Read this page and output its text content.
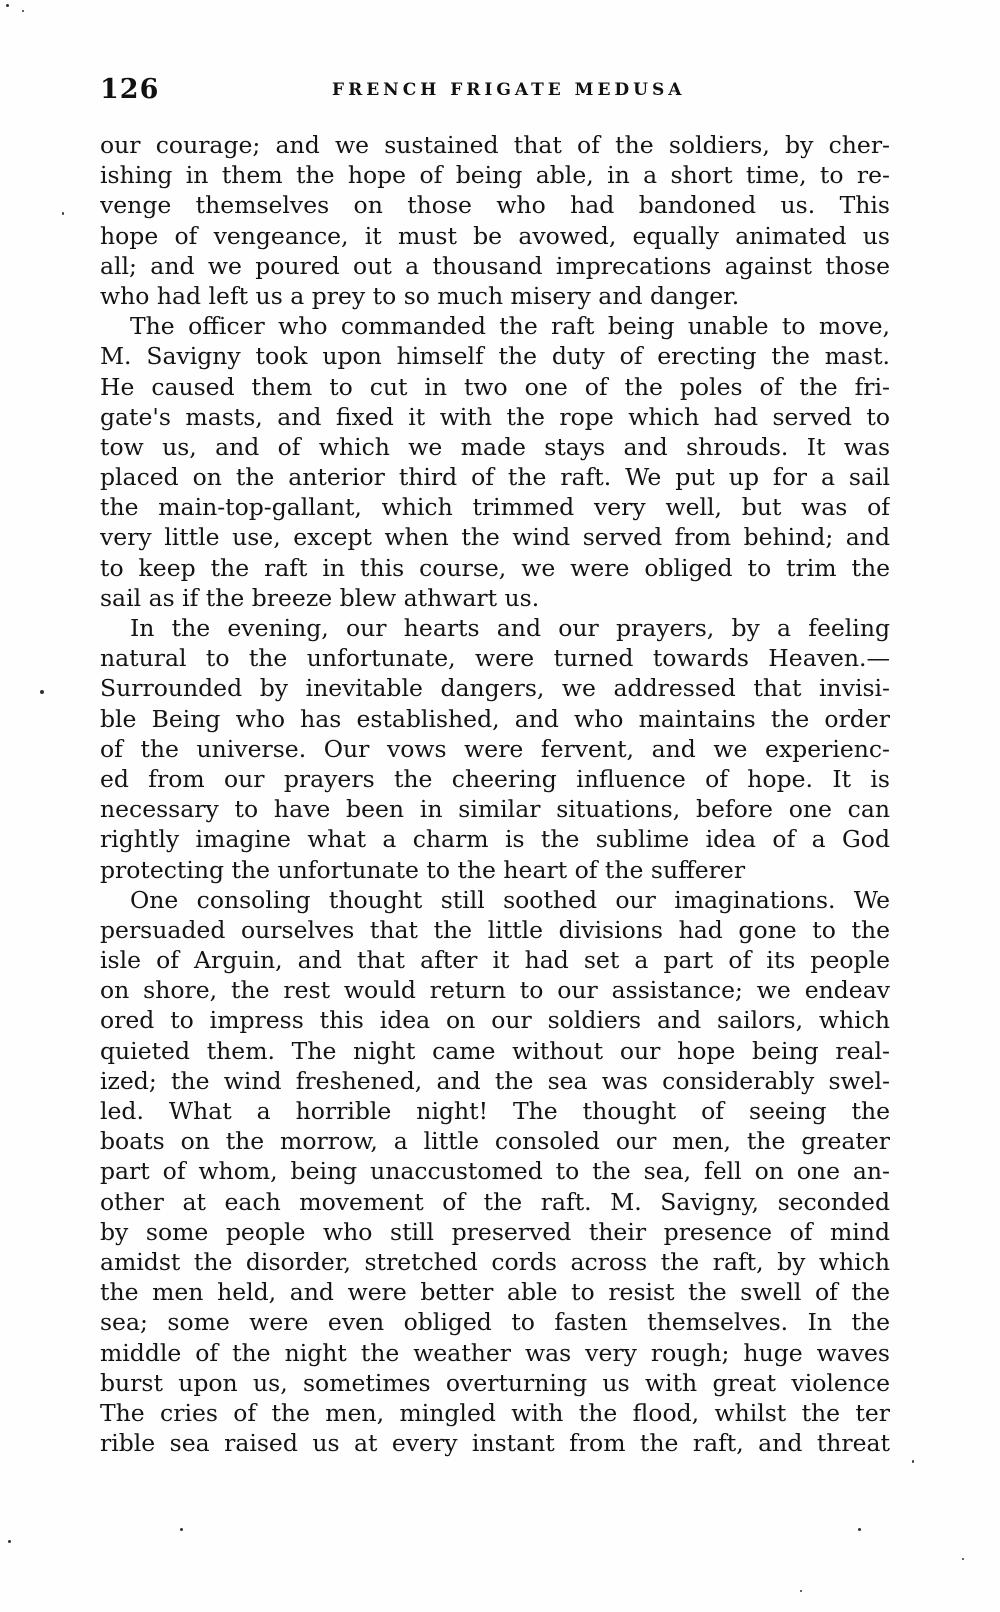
126	FRENCH FRIGATE MEDUSA
our courage; and we sustained that of the soldiers, by cher-
ishing in them the hope of being able, in a short time, to re-
venge themselves on those who had bandoned us. This
hope of vengeance, it must be avowed, equally animated us
all; and we poured out a thousand imprecations against those
who had left us a prey to so much misery and danger.
The officer who commanded the raft being unable to move,
M. Savigny took upon himself the duty of erecting the mast.
He caused them to cut in two one of the poles of the fri-
gate's masts, and fixed it with the rope which had served to
tow us, and of which we made stays and shrouds. It was
placed on the anterior third of the raft. We put up for a sail
the main-top-gallant, which trimmed very well, but was of
very little use, except when the wind served from behind; and
to keep the raft in this course, we were obliged to trim the
sail as if the breeze blew athwart us.
In the evening, our hearts and our prayers, by a feeling
natural to the unfortunate, were turned towards Heaven.—
Surrounded by inevitable dangers, we addressed that invisi-
ble Being who has established, and who maintains the order
of the universe. Our vows were fervent, and we experienc-
ed from our prayers the cheering influence of hope. It is
necessary to have been in similar situations, before one can
rightly imagine what a charm is the sublime idea of a God
protecting the unfortunate to the heart of the sufferer
One consoling thought still soothed our imaginations. We
persuaded ourselves that the little divisions had gone to the
isle of Arguin, and that after it had set a part of its people
on shore, the rest would return to our assistance; we endeav
ored to impress this idea on our soldiers and sailors, which
quieted them. The night came without our hope being real-
ized; the wind freshened, and the sea was considerably swel-
led. What a horrible night! The thought of seeing the
boats on the morrow, a little consoled our men, the greater
part of whom, being unaccustomed to the sea, fell on one an-
other at each movement of the raft. M. Savigny, seconded
by some people who still preserved their presence of mind
amidst the disorder, stretched cords across the raft, by which
the men held, and were better able to resist the swell of the
sea; some were even obliged to fasten themselves. In the
middle of the night the weather was very rough; huge waves
burst upon us, sometimes overturning us with great violence
The cries of the men, mingled with the flood, whilst the ter
rible sea raised us at every instant from the raft, and threat
